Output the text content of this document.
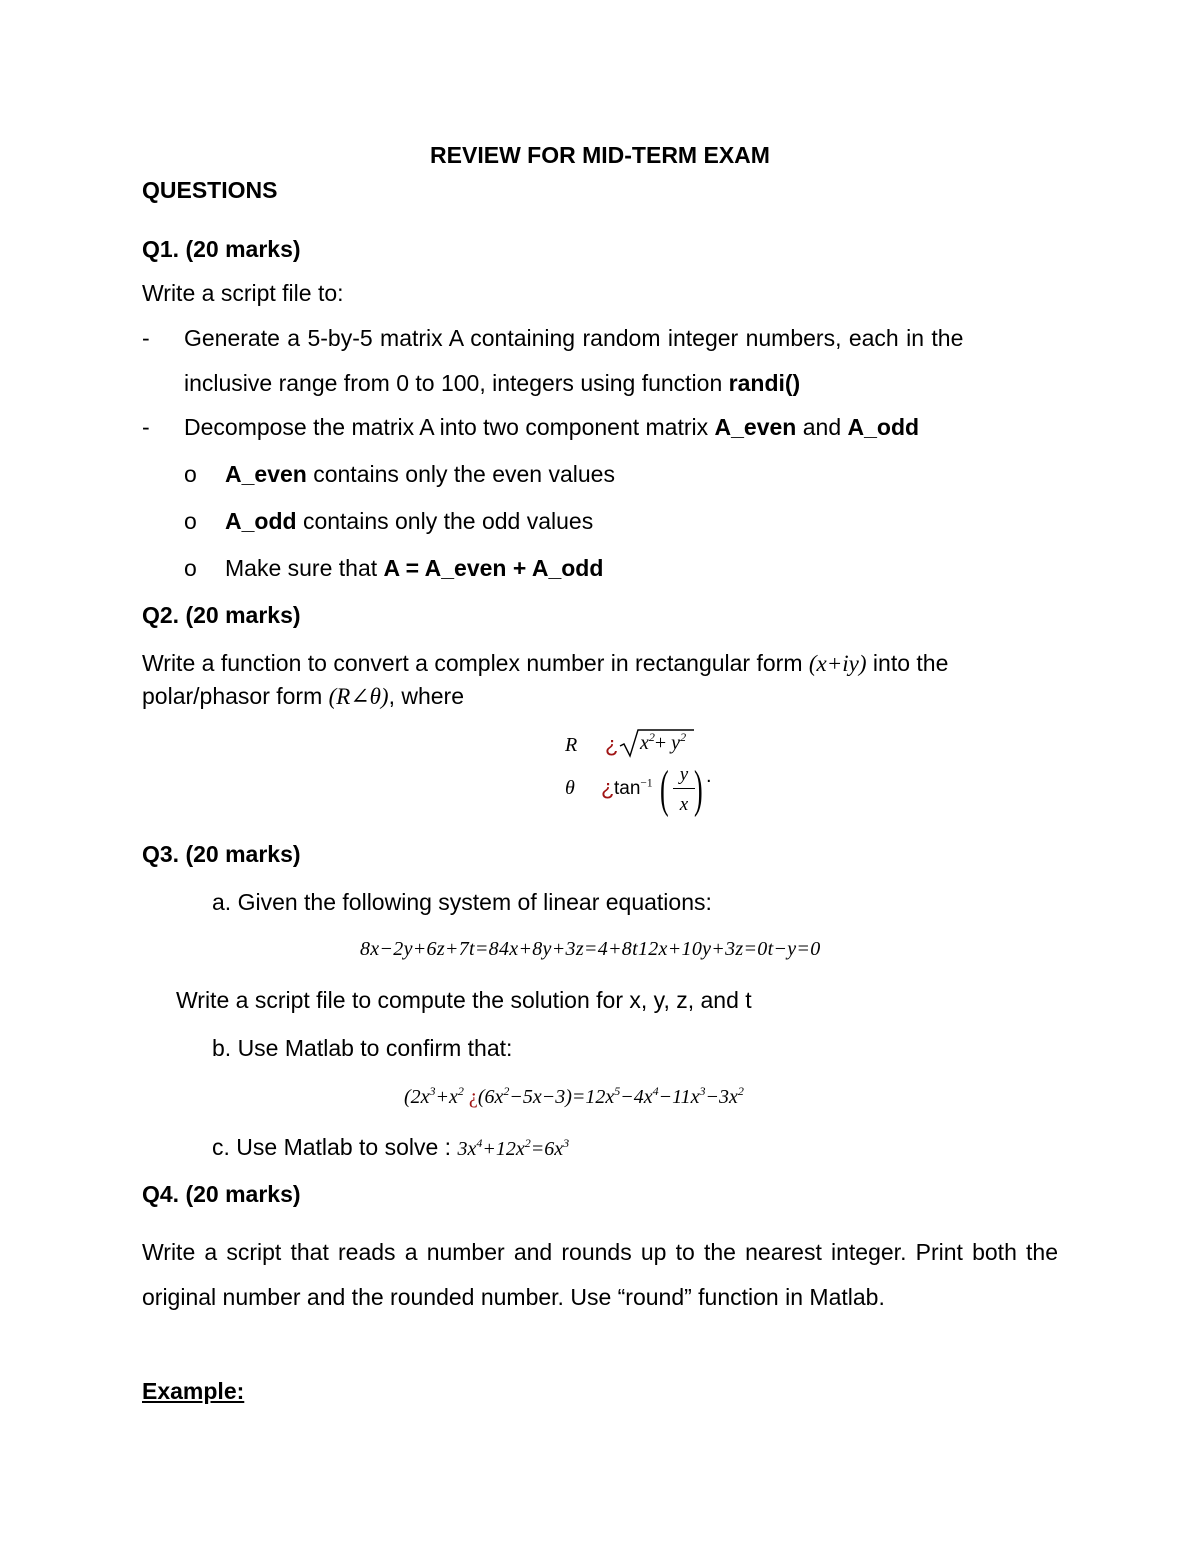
REVIEW FOR MID-TERM EXAM
QUESTIONS
Q1. (20 marks)
Write a script file to:
- Generate a 5-by-5 matrix A containing random integer numbers, each in the
inclusive range from 0 to 100, integers using function randi()
- Decompose the matrix A into two component matrix A_even and A_odd
o A_even contains only the even values
o A_odd contains only the odd values
o Make sure that A = A_even + A_odd
Q2. (20 marks)
Write a function to convert a complex number in rectangular form (x+iy) into the
polar/phasor form (R∠θ), where
R ¿ $x^2+ y^2$
θ ¿ $\tan^{-1}$ ( y
x ) .
Q3. (20 marks)
a. Given the following system of linear equations:
8x−2y+6z+7t=84x+8y+3z=4+8t12x+10y+3z=0t−y=0
Write a script file to compute the solution for x, y, z, and t
b. Use Matlab to confirm that:
($2x^3+x^2$ ¿$(6x^2-5x-3)=12x^5-4x^4-11x^3-3x^2$
c. Use Matlab to solve : $3x^4+12x^2=6x^3$
Q4. (20 marks)
Write a script that reads a number and rounds up to the nearest integer. Print both the original number and the rounded number. Use “round” function in Matlab.
Example:
